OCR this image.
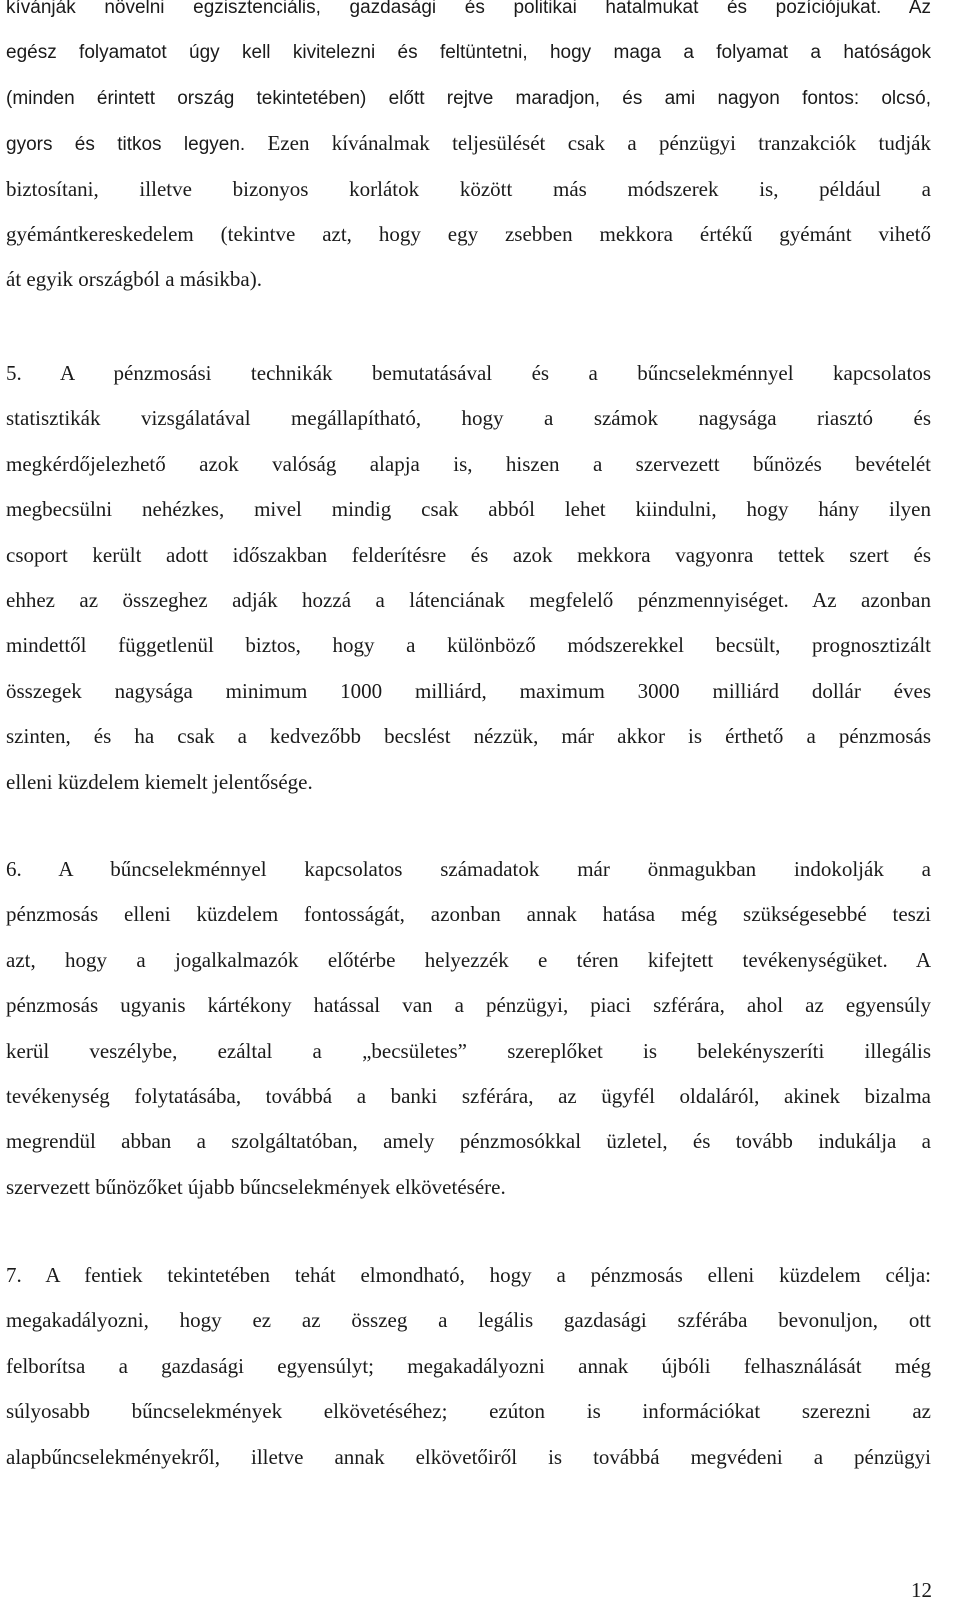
kívánják növelni egzisztenciális, gazdasági és politikai hatalmukat és pozíciójukat. Az
egész folyamatot úgy kell kivitelezni és feltüntetni, hogy maga a folyamat a hatóságok
(minden érintett ország tekintetében) előtt rejtve maradjon, és ami nagyon fontos: olcsó,
gyors és titkos legyen. Ezen kívánalmak teljesülését csak a pénzügyi tranzakciók tudják
biztosítani, illetve bizonyos korlátok között más módszerek is, például a
gyémántkereskedelem (tekintve azt, hogy egy zsebben mekkora értékű gyémánt vihető
át egyik országból a másikba).
5. A pénzmosási technikák bemutatásával és a bűncselekménnyel kapcsolatos
statisztikák vizsgálatával megállapítható, hogy a számok nagysága riasztó és
megkérdőjelezhető azok valóság alapja is, hiszen a szervezett bűnözés bevételét
megbecsülni nehézkes, mivel mindig csak abból lehet kiindulni, hogy hány ilyen
csoport került adott időszakban felderítésre és azok mekkora vagyonra tettek szert és
ehhez az összeghez adják hozzá a látenciának megfelelő pénzmennyiséget. Az azonban
mindettől függetlenül biztos, hogy a különböző módszerekkel becsült, prognosztizált
összegek nagysága minimum 1000 milliárd, maximum 3000 milliárd dollár éves
szinten, és ha csak a kedvezőbb becslést nézzük, már akkor is érthető a pénzmosás
elleni küzdelem kiemelt jelentősége.
6. A bűncselekménnyel kapcsolatos számadatok már önmagukban indokolják a
pénzmosás elleni küzdelem fontosságát, azonban annak hatása még szükségesebbé teszi
azt, hogy a jogalkalmazók előtérbe helyezzék e téren kifejtett tevékenységüket. A
pénzmosás ugyanis kártékony hatással van a pénzügyi, piaci szférára, ahol az egyensúly
kerül veszélybe, ezáltal a „becsületes” szereplőket is belekényszeríti illegális
tevékenység folytatásába, továbbá a banki szférára, az ügyfél oldaláról, akinek bizalma
megrendül abban a szolgáltatóban, amely pénzmosókkal üzletel, és tovább indukálja a
szervezett bűnözőket újabb bűncselekmények elkövetésére.
7. A fentiek tekintetében tehát elmondható, hogy a pénzmosás elleni küzdelem célja:
megakadályozni, hogy ez az összeg a legális gazdasági szférába bevonuljon, ott
felborítsa a gazdasági egyensúlyt; megakadályozni annak újbóli felhasználását még
súlyosabb bűncselekmények elkövetéséhez; ezúton is információkat szerezni az
alapbűncselekményekről, illetve annak elkövetőiről is továbbá megvédeni a pénzügyi
12
